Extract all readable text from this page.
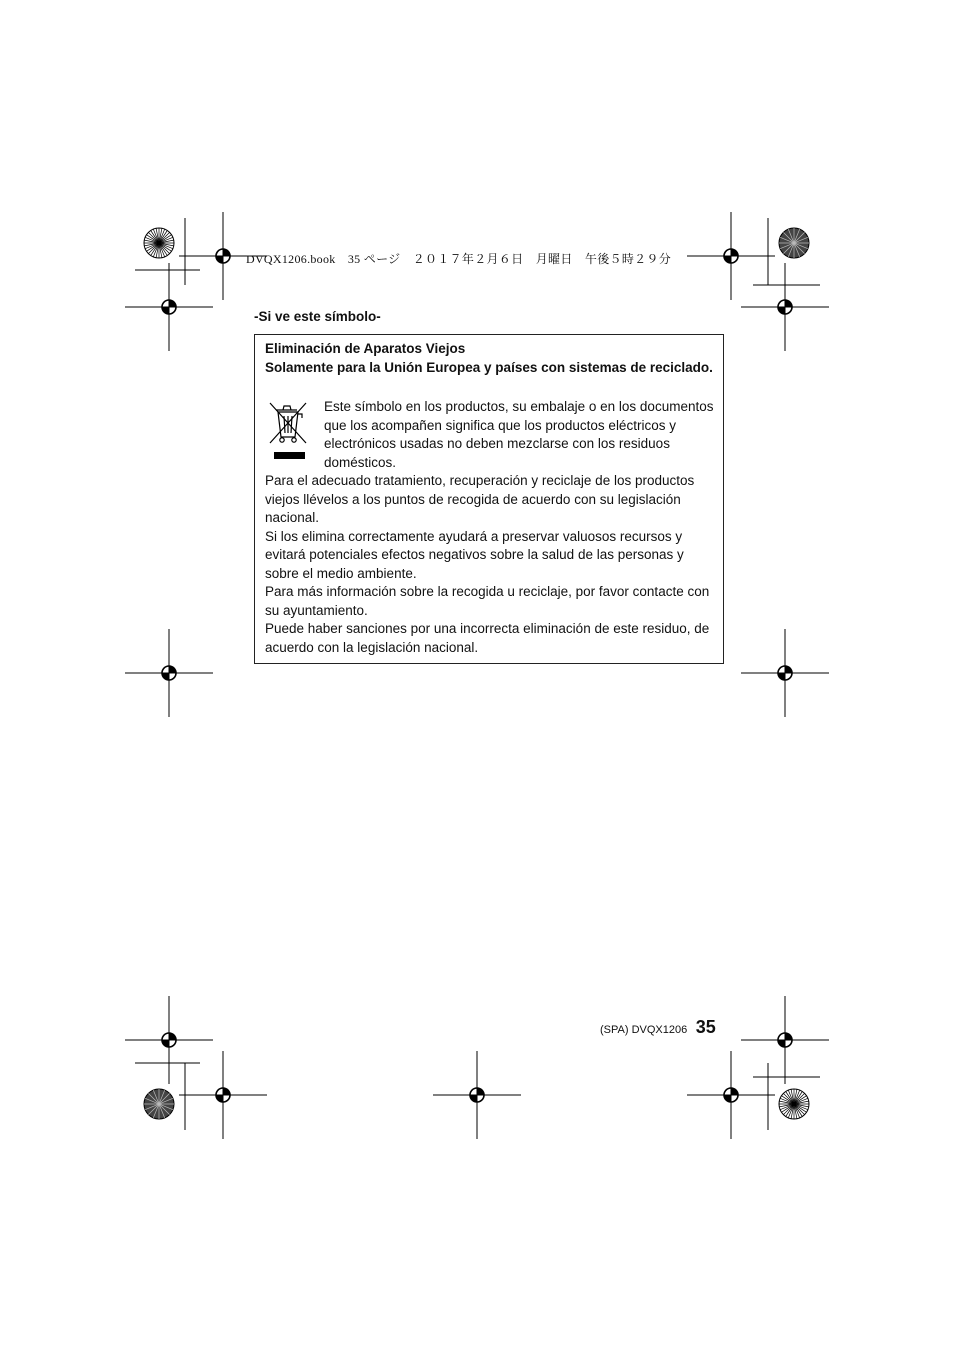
DVQX1206.book　35 ページ　２０１７年２月６日　月曜日　午後５時２９分
-Si ve este símbolo-
Eliminación de Aparatos Viejos
Solamente para la Unión Europea y países con sistemas de reciclado.
Este símbolo en los productos, su embalaje o en los documentos que los acompañen significa que los productos eléctricos y electrónicos usadas no deben mezclarse con los residuos domésticos.

Para el adecuado tratamiento, recuperación y reciclaje de los productos viejos llévelos a los puntos de recogida de acuerdo con su legislación nacional.

Si los elimina correctamente ayudará a preservar valuosos recursos y evitará potenciales efectos negativos sobre la salud de las personas y sobre el medio ambiente.

Para más información sobre la recogida u reciclaje, por favor contacte con su ayuntamiento.

Puede haber sanciones por una incorrecta eliminación de este residuo, de acuerdo con la legislación nacional.

(SPA) DVQX1206 35
